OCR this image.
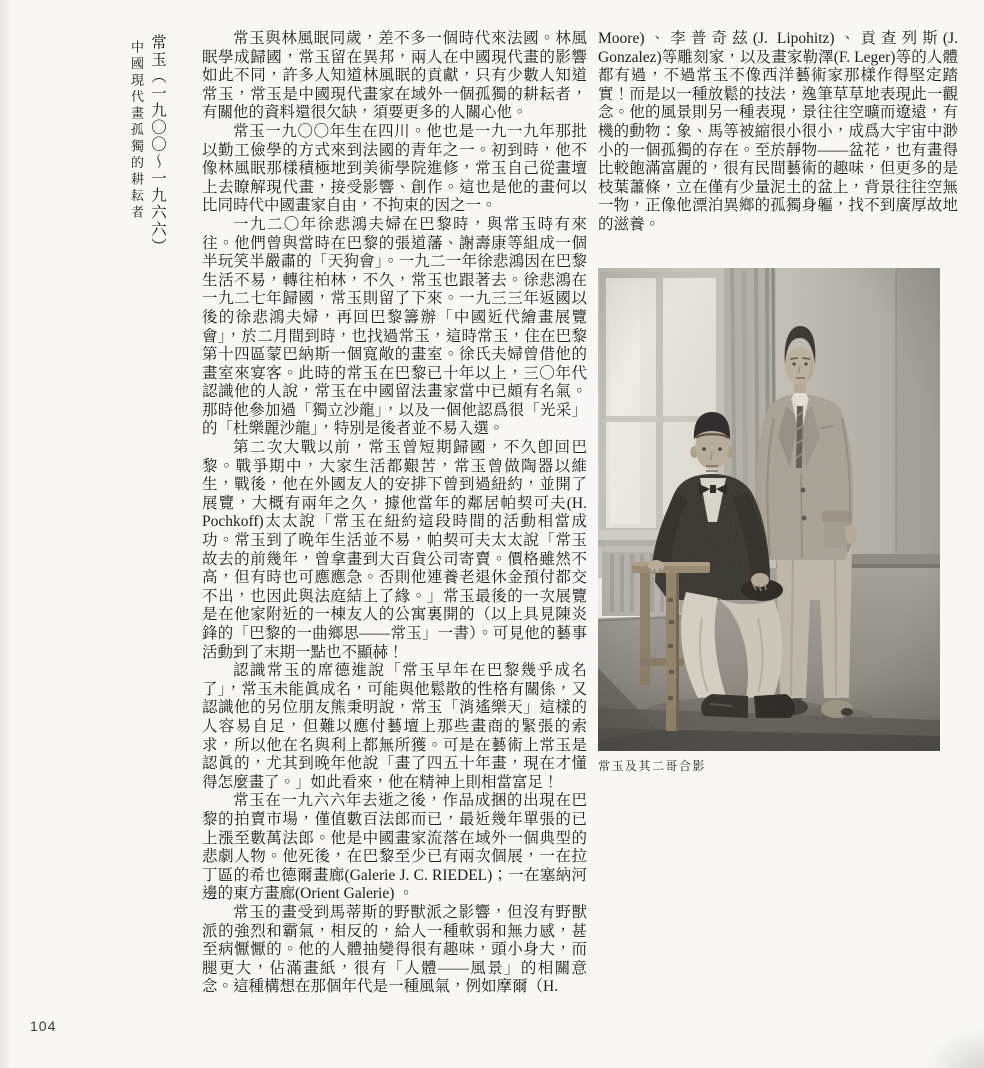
常玉（一九〇〇～一九六六）
中國現代畫孤獨的耕耘者

常玉與林風眠同歲，差不多一個時代來法國。林風眠學成歸國，常玉留在異邦，兩人在中國現代畫的影響如此不同，許多人知道林風眠的貢獻，只有少數人知道常玉，常玉是中國現代畫家在域外一個孤獨的耕耘者，有關他的資料還很欠缺，須要更多的人關心他。

常玉一九〇〇年生在四川。他也是一九一九年那批以勤工儉學的方式來到法國的青年之一。初到時，他不像林風眠那樣積極地到美術學院進修，常玉自己從畫壇上去瞭解現代畫，接受影響、創作。這也是他的畫何以比同時代中國畫家自由，不拘束的因之一。

一九二〇年徐悲鴻夫婦在巴黎時，與常玉時有來往。他們曾與當時在巴黎的張道藩、謝壽康等組成一個半玩笑半嚴肅的「天狗會」。一九二一年徐悲鴻因在巴黎生活不易，轉往柏林，不久，常玉也跟著去。徐悲鴻在一九二七年歸國，常玉則留了下來。一九三三年返國以後的徐悲鴻夫婦，再回巴黎籌辦「中國近代繪畫展覽會」，於二月間到時，也找過常玉，這時常玉，住在巴黎第十四區蒙巴納斯一個寬敞的畫室。徐氏夫婦曾借他的畫室來宴客。此時的常玉在巴黎已十年以上，三〇年代認識他的人說，常玉在中國留法畫家當中已頗有名氣。那時他參加過「獨立沙龍」，以及一個他認爲很「光采」的「杜樂麗沙龍」，特別是後者並不易入選。

第二次大戰以前，常玉曾短期歸國，不久卽回巴黎。戰爭期中，大家生活都艱苦，常玉曾做陶器以維生，戰後，他在外國友人的安排下曾到過紐約，並開了展覽，大概有兩年之久，據他當年的鄰居帕契可夫(H. Pochkoff)太太說「常玉在紐約這段時間的活動相當成功。常玉到了晚年生活並不易，帕契可夫太太說「常玉故去的前幾年，曾拿畫到大百貨公司寄賣。價格雖然不高，但有時也可應應急。否則他連養老退休金預付都交不出，也因此與法庭結上了緣。」常玉最後的一次展覽是在他家附近的一棟友人的公寓裏開的（以上具見陳炎鋒的「巴黎的一曲鄉思——常玉」一書）。可見他的藝事活動到了末期一點也不顯赫！

認識常玉的席德進說「常玉早年在巴黎幾乎成名了」，常玉未能眞成名，可能與他鬆散的性格有關係，又認識他的另位朋友熊秉明說，常玉「消遙樂天」這樣的人容易自足，但難以應付藝壇上那些畫商的緊張的索求，所以他在名與利上都無所獲。可是在藝術上常玉是認眞的，尤其到晚年他說「畫了四五十年畫，現在才懂得怎麼畫了。」如此看來，他在精神上則相當富足！

常玉在一九六六年去逝之後，作品成捆的出現在巴黎的拍賣市場，僅值數百法郎而已，最近幾年單張的已上漲至數萬法郎。他是中國畫家流落在域外一個典型的悲劇人物。他死後，在巴黎至少已有兩次個展，一在拉丁區的希也德爾畫廊(Galerie J. C. RIEDEL)；一在塞納河邊的東方畫廊(Orient Galerie) 。

常玉的畫受到馬蒂斯的野獸派之影響，但沒有野獸派的強烈和霸氣，相反的，給人一種軟弱和無力感，甚至病懨懨的。他的人體抽變得很有趣味，頭小身大，而腿更大，佔滿畫紙，很有「人體——風景」的相關意念。這種構想在那個年代是一種風氣，例如摩爾（H.

Moore)、李普奇茲(J. Lipohitz)、貢查列斯(J. Gonzalez)等雕刻家，以及畫家勒澤(F. Leger)等的人體都有過，不過常玉不像西洋藝術家那樣作得堅定踏實！而是以一種放鬆的技法，逸筆草草地表現此一觀念。他的風景則另一種表現，景往往空曠而遼遠，有機的動物：象、馬等被縮很小很小，成爲大宇宙中渺小的一個孤獨的存在。至於靜物——盆花，也有畫得比較飽滿富麗的，很有民間藝術的趣味，但更多的是枝葉蕭條，立在僅有少量泥土的盆上，背景往往空無一物，正像他漂泊異鄉的孤獨身軀，找不到廣厚故地的滋養。

常玉及其二哥合影
104
